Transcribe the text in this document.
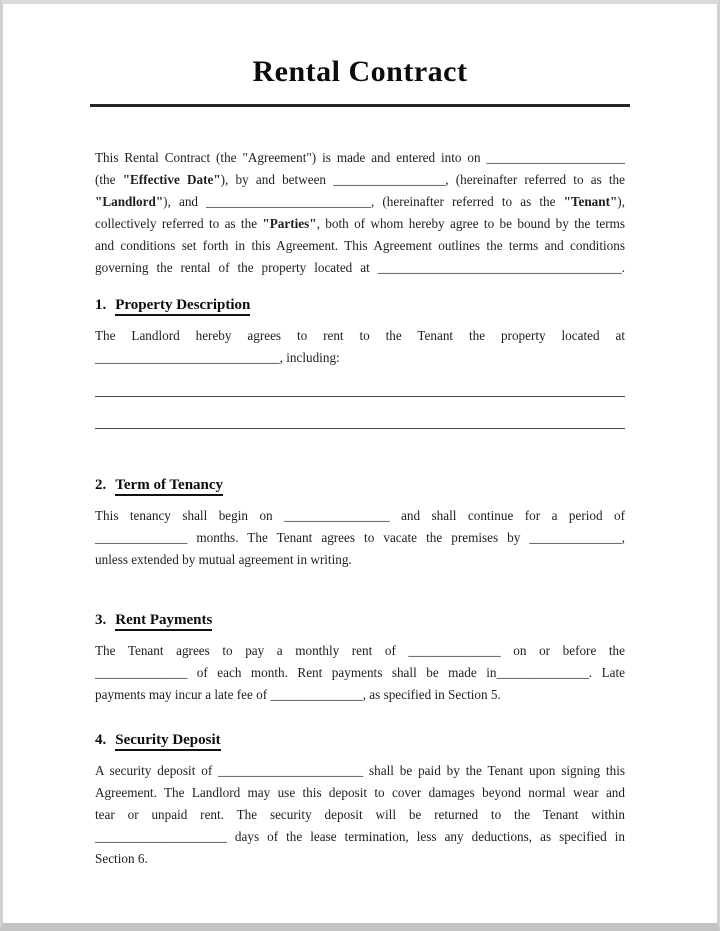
Rental Contract
This Rental Contract (the "Agreement") is made and entered into on _____________________
(the "Effective Date"), by and between _________________, (hereinafter referred to as the
"Landlord"), and _________________________, (hereinafter referred to as the "Tenant"),
collectively referred to as the "Parties", both of whom hereby agree to be bound by the terms
and conditions set forth in this Agreement. This Agreement outlines the terms and conditions
governing the rental of the property located at _____________________________________.
1. Property Description
The Landlord hereby agrees to rent to the Tenant the property located at
____________________________, including:
2. Term of Tenancy
This tenancy shall begin on ________________ and shall continue for a period of
______________ months. The Tenant agrees to vacate the premises by ______________,
unless extended by mutual agreement in writing.
3. Rent Payments
The Tenant agrees to pay a monthly rent of ______________ on or before the
______________ of each month. Rent payments shall be made in______________. Late
payments may incur a late fee of ______________, as specified in Section 5.
4. Security Deposit
A security deposit of ______________________ shall be paid by the Tenant upon signing this
Agreement. The Landlord may use this deposit to cover damages beyond normal wear and
tear or unpaid rent. The security deposit will be returned to the Tenant within
____________________ days of the lease termination, less any deductions, as specified in
Section 6.
